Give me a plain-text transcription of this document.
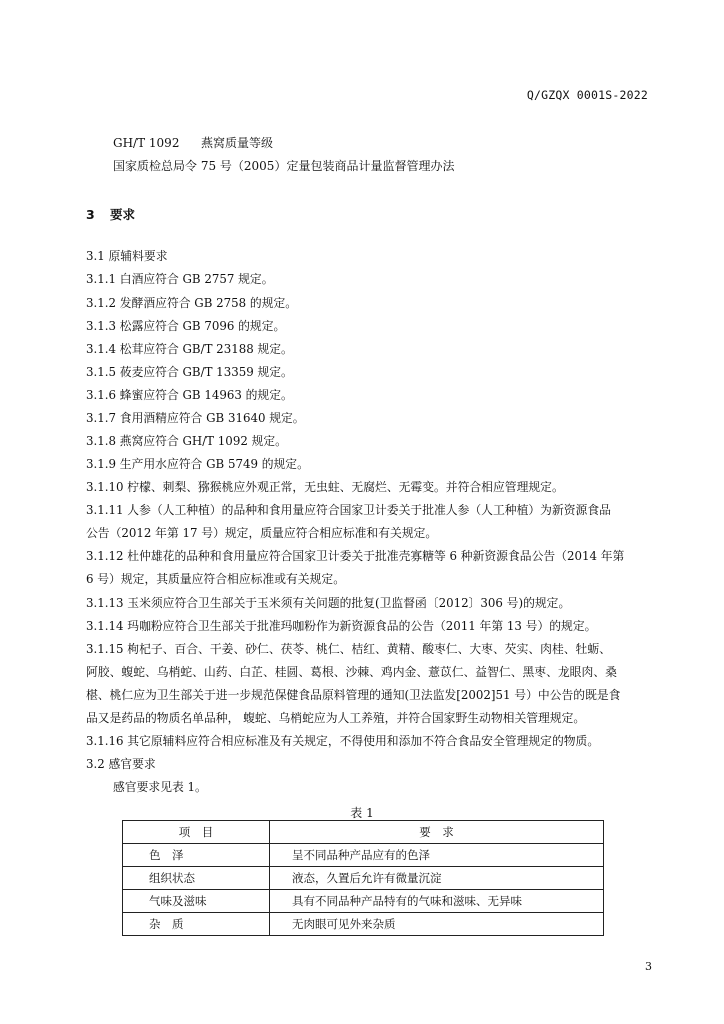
Q/GZQX 0001S-2022
GH/T 1092 燕窝质量等级
国家质检总局令 75 号（2005）定量包装商品计量监督管理办法
3 要求
3.1 原辅料要求
3.1.1 白酒应符合 GB 2757 规定。
3.1.2 发酵酒应符合 GB 2758 的规定。
3.1.3 松露应符合 GB 7096 的规定。
3.1.4 松茸应符合 GB/T 23188 规定。
3.1.5 莜麦应符合 GB/T 13359 规定。
3.1.6 蜂蜜应符合 GB 14963 的规定。
3.1.7 食用酒精应符合 GB 31640 规定。
3.1.8 燕窝应符合 GH/T 1092 规定。
3.1.9 生产用水应符合 GB 5749 的规定。
3.1.10 柠檬、刺梨、猕猴桃应外观正常，无虫蛀、无腐烂、无霉变。并符合相应管理规定。
3.1.11 人参（人工种植）的品种和食用量应符合国家卫计委关于批准人参（人工种植）为新资源食品
公告（2012 年第 17 号）规定，质量应符合相应标准和有关规定。
3.1.12 杜仲雄花的品种和食用量应符合国家卫计委关于批准壳寡糖等 6 种新资源食品公告（2014 年第
6 号）规定，其质量应符合相应标准或有关规定。
3.1.13 玉米须应符合卫生部关于玉米须有关问题的批复(卫监督函〔2012〕306 号)的规定。
3.1.14 玛咖粉应符合卫生部关于批准玛咖粉作为新资源食品的公告（2011 年第 13 号）的规定。
3.1.15 枸杞子、百合、干姜、砂仁、茯苓、桃仁、桔红、黄精、酸枣仁、大枣、芡实、肉桂、牡蛎、
阿胶、蝮蛇、乌梢蛇、山药、白芷、桂圆、葛根、沙棘、鸡内金、薏苡仁、益智仁、黑枣、龙眼肉、桑
椹、桃仁应为卫生部关于进一步规范保健食品原料管理的通知(卫法监发[2002]51 号）中公告的既是食
品又是药品的物质名单品种， 蝮蛇、乌梢蛇应为人工养殖，并符合国家野生动物相关管理规定。
3.1.16 其它原辅料应符合相应标准及有关规定，不得使用和添加不符合食品安全管理规定的物质。
3.2 感官要求
感官要求见表 1。
表 1
项　目	要　求
色　泽	呈不同品种产品应有的色泽
组织状态	液态，久置后允许有微量沉淀
气味及滋味	具有不同品种产品特有的气味和滋味、无异味
杂　质	无肉眼可见外来杂质
3
